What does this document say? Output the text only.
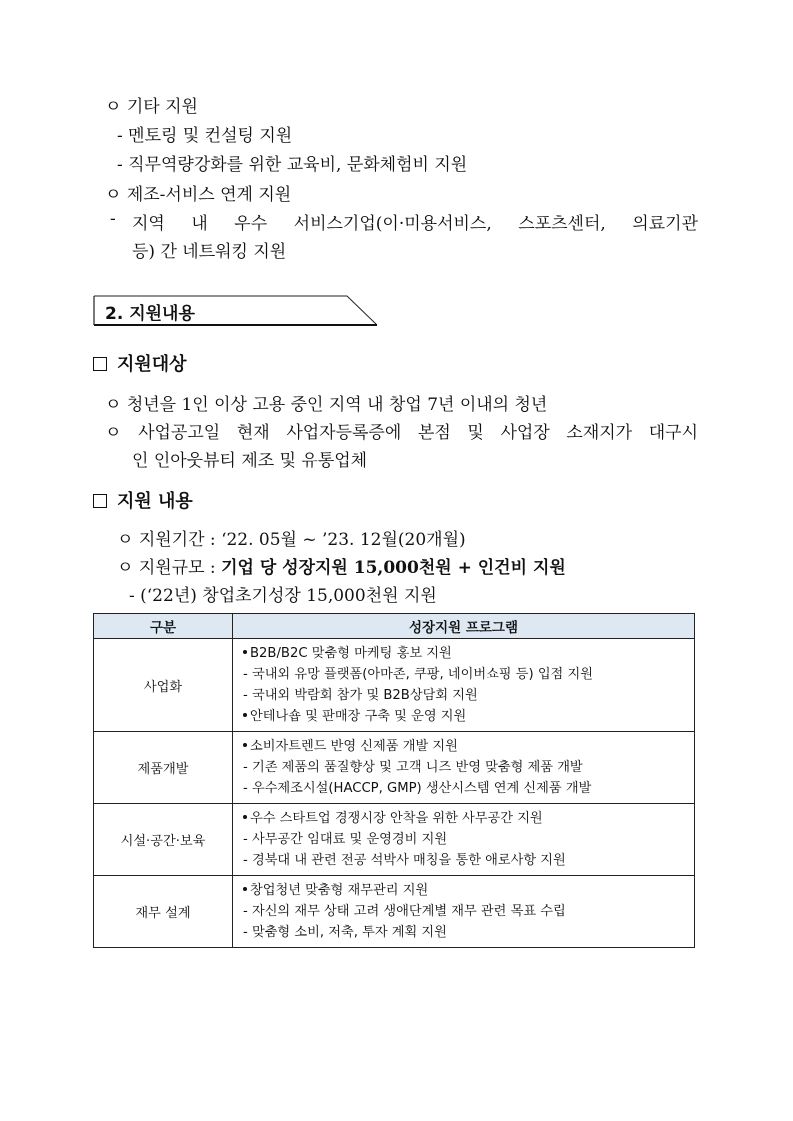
ㅇ 기타 지원
- 멘토링 및 컨설팅 지원
- 직무역량강화를 위한 교육비, 문화체험비 지원
ㅇ 제조-서비스 연계 지원
- 지역 내 우수 서비스기업(이·미용서비스, 스포츠센터, 의료기관
등) 간 네트워킹 지원
2. 지원내용
지원대상
ㅇ 청년을 1인 이상 고용 중인 지역 내 창업 7년 이내의 청년
ㅇ 사업공고일 현재 사업자등록증에 본점 및 사업장 소재지가 대구시
인 인아웃뷰티 제조 및 유통업체
지원 내용
ㅇ 지원기간 : ‘22. 05월 ~ ’23. 12월(20개월)
ㅇ 지원규모 : 기업 당 성장지원 15,000천원 + 인건비 지원
- (‘22년) 창업초기성장 15,000천원 지원
구분	성장지원 프로그램
사업화	B2B/B2C 맞춤형 마케팅 홍보 지원
- 국내외 유망 플랫폼(아마존, 쿠팡, 네이버쇼핑 등) 입점 지원
- 국내외 박람회 참가 및 B2B상담회 지원
안테나숍 및 판매장 구축 및 운영 지원

제품개발	소비자트렌드 반영 신제품 개발 지원
- 기존 제품의 품질향상 및 고객 니즈 반영 맞춤형 제품 개발
- 우수제조시설(HACCP, GMP) 생산시스템 연계 신제품 개발

시설·공간·보육	우수 스타트업 경쟁시장 안착을 위한 사무공간 지원
- 사무공간 임대료 및 운영경비 지원
- 경북대 내 관련 전공 석박사 매칭을 통한 애로사항 지원

재무 설계	창업청년 맞춤형 재무관리 지원
- 자신의 재무 상태 고려 생애단계별 재무 관련 목표 수립
- 맞춤형 소비, 저축, 투자 계획 지원
